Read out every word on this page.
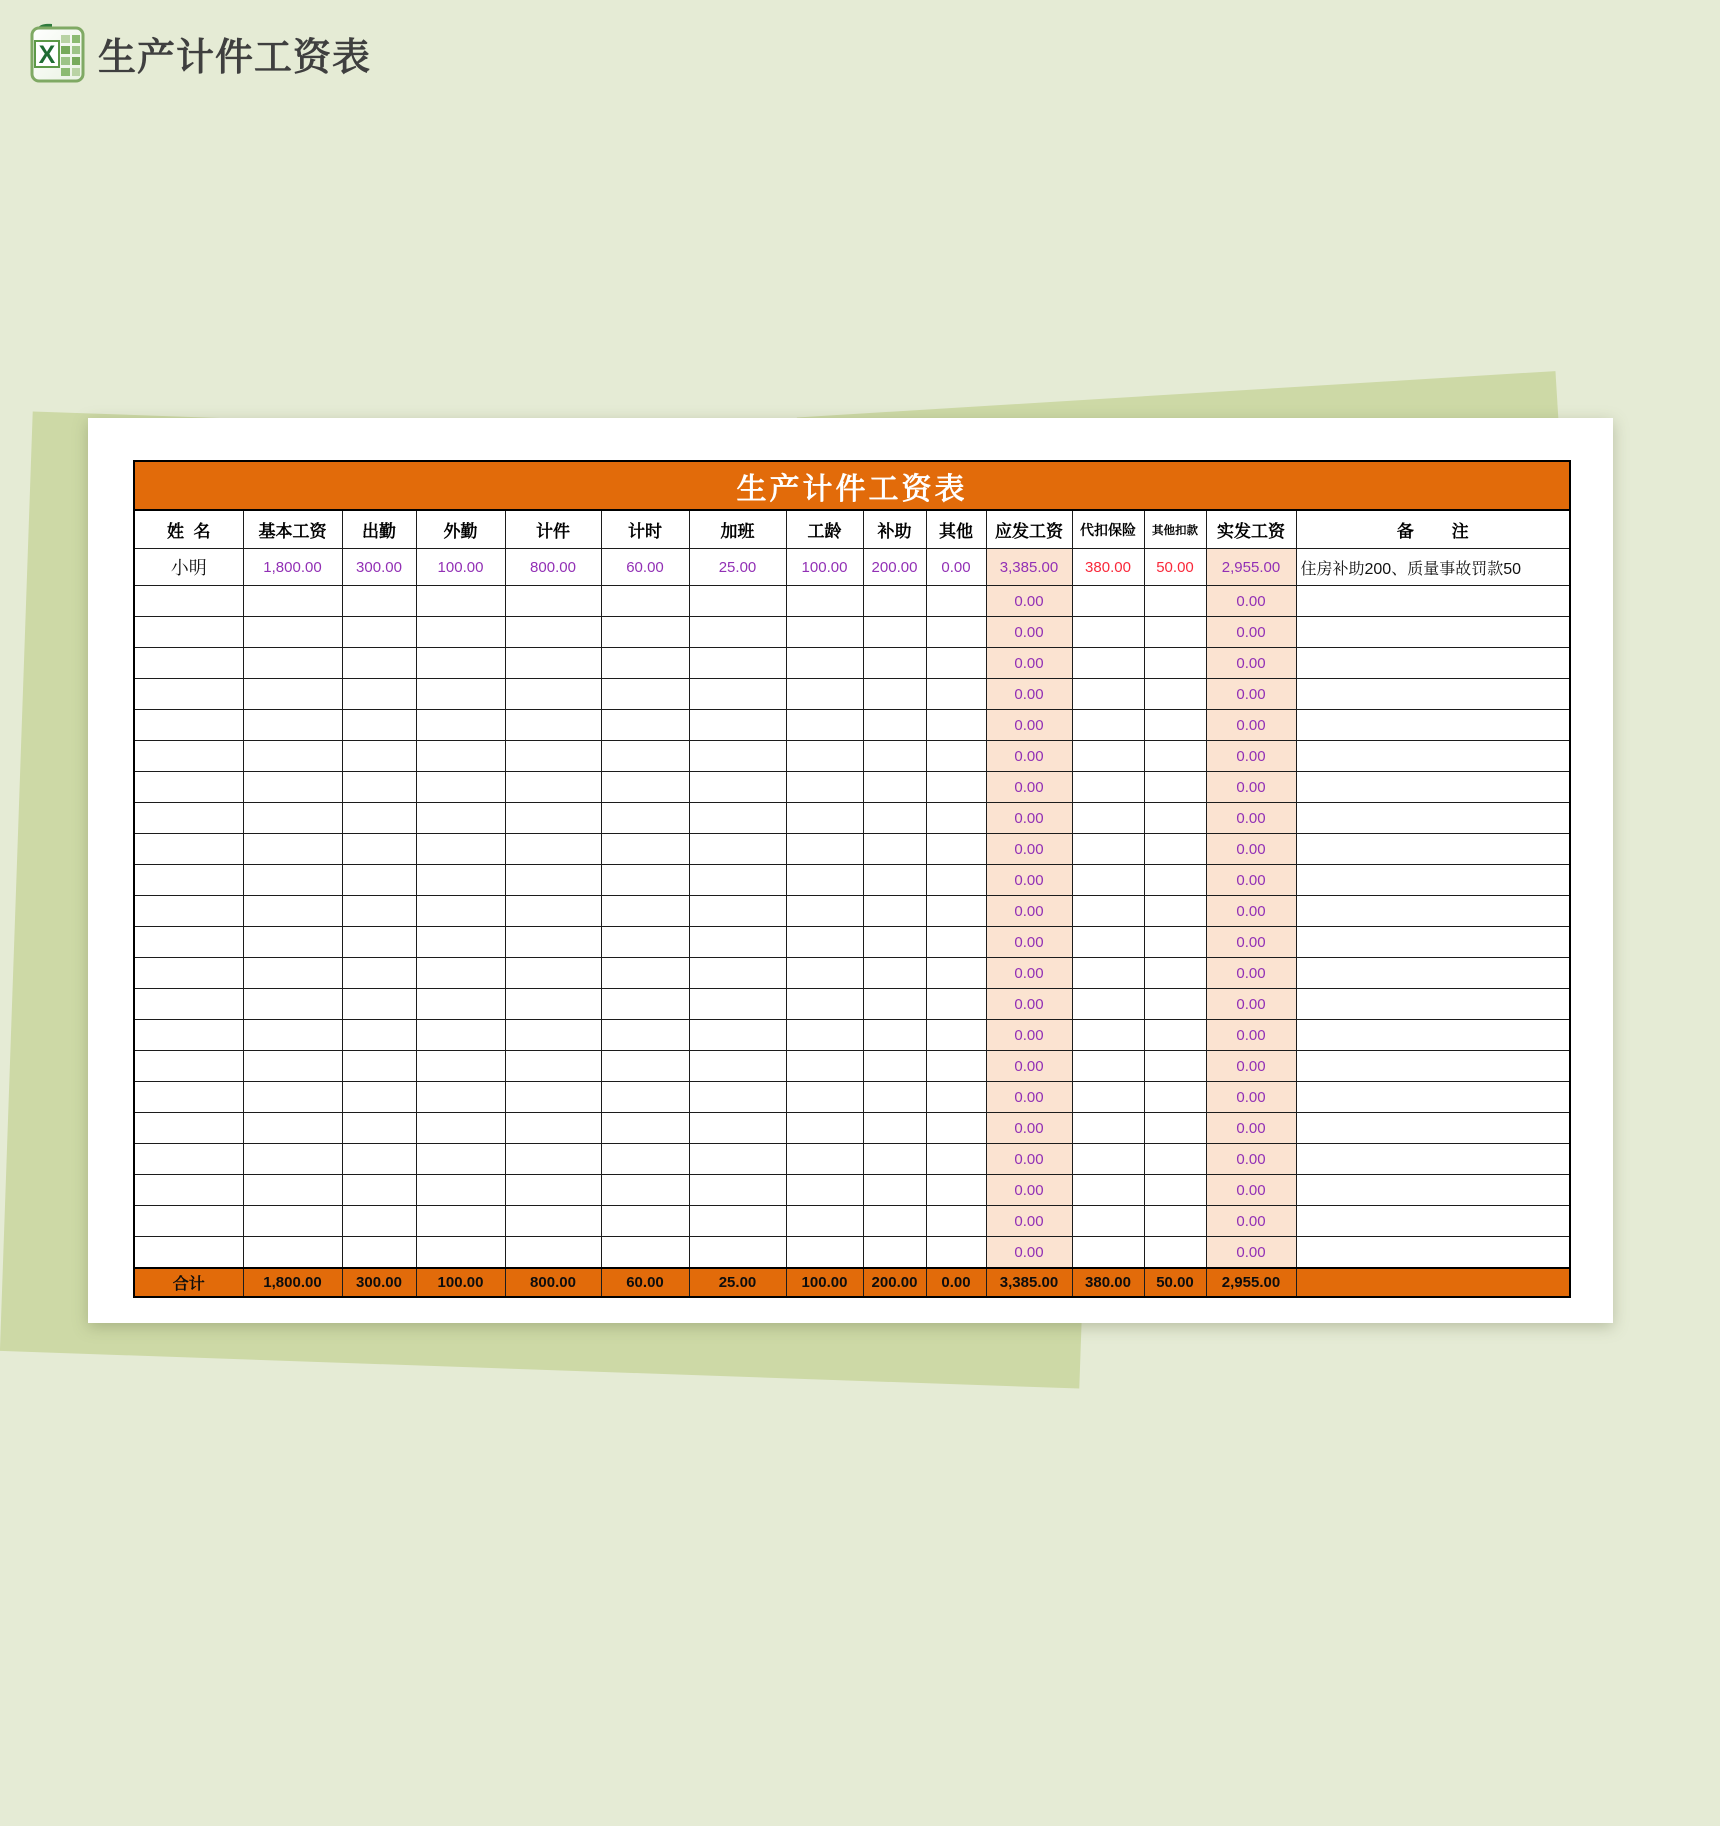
X 生产计件工资表
生产计件工资表														
姓  名	基本工资	出勤	外勤	计件	计时	加班	工龄	补助	其他	应发工资	代扣保险	其他扣款	实发工资	备        注
小明	1,800.00	300.00	100.00	800.00	60.00	25.00	100.00	200.00	0.00	3,385.00	380.00	50.00	2,955.00	住房补助200、质量事故罚款50
										0.00			0.00	
										0.00			0.00	
										0.00			0.00	
										0.00			0.00	
										0.00			0.00	
										0.00			0.00	
										0.00			0.00	
										0.00			0.00	
										0.00			0.00	
										0.00			0.00	
										0.00			0.00	
										0.00			0.00	
										0.00			0.00	
										0.00			0.00	
										0.00			0.00	
										0.00			0.00	
										0.00			0.00	
										0.00			0.00	
										0.00			0.00	
										0.00			0.00	
										0.00			0.00	
										0.00			0.00	
合计	1,800.00	300.00	100.00	800.00	60.00	25.00	100.00	200.00	0.00	3,385.00	380.00	50.00	2,955.00	
